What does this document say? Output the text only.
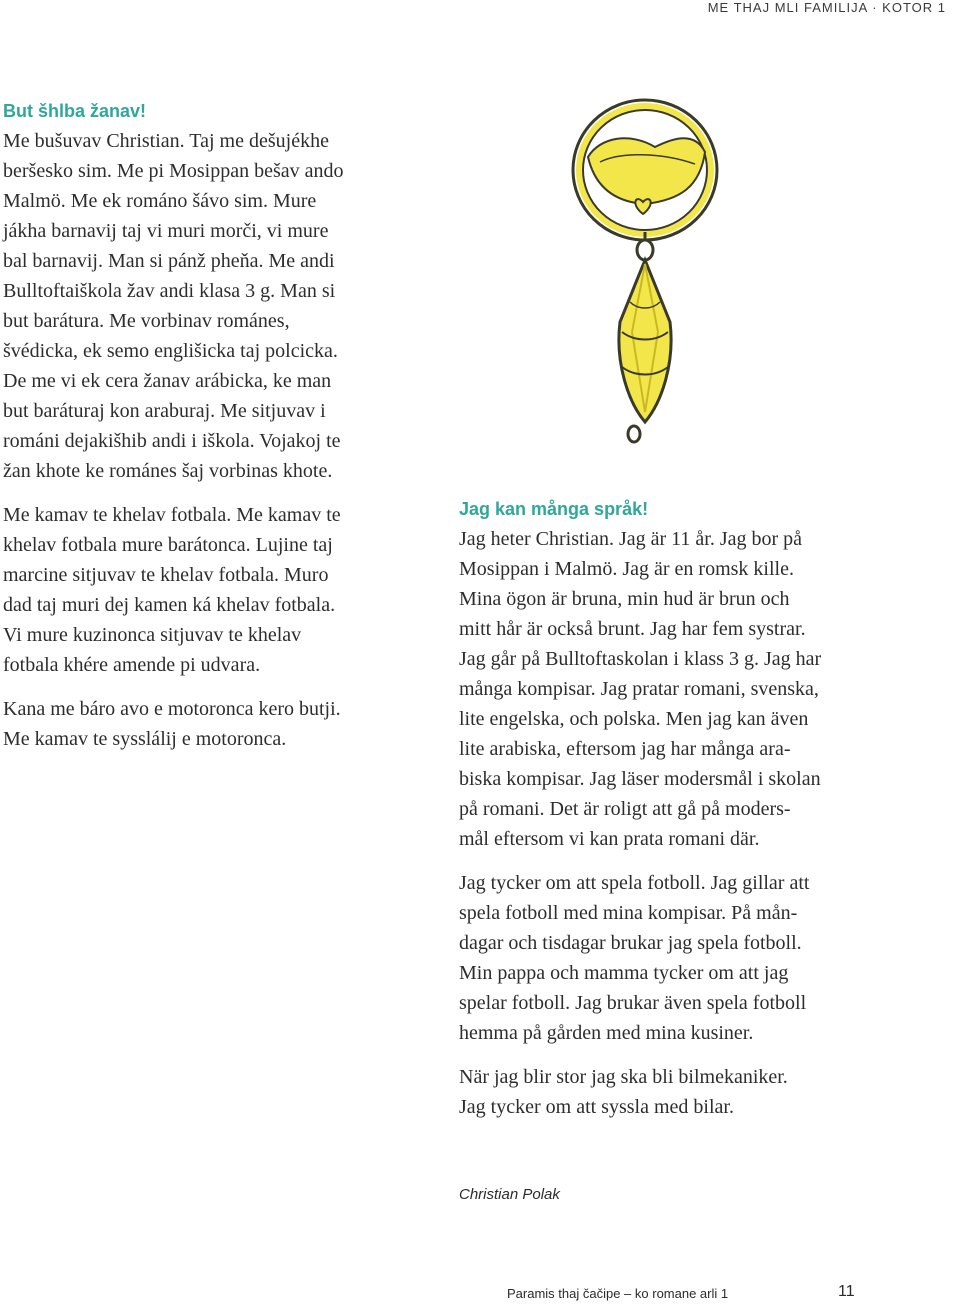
ME THAJ MLI FAMILIJA · KOTOR 1
But šhlba žanav!
Me bušuvav Christian. Taj me dešujékhe
beršesko sim. Me pi Mosippan bešav ando
Malmö. Me ek románo šávo sim. Mure
jákha barnavij taj vi muri morči, vi mure
bal barnavij. Man si pánž pheňa. Me andi
Bulltoftaiškola žav andi klasa 3 g. Man si
but barátura. Me vorbinav románes,
švédicka, ek semo englišicka taj polcicka.
De me vi ek cera žanav arábicka, ke man
but baráturaj kon araburaj. Me sitjuvav i
románi dejakišhib andi i iškola. Vojakoj te
žan khote ke románes šaj vorbinas khote.
Me kamav te khelav fotbala. Me kamav te
khelav fotbala mure barátonca. Lujine taj
marcine sitjuvav te khelav fotbala. Muro
dad taj muri dej kamen ká khelav fotbala.
Vi mure kuzinonca sitjuvav te khelav
fotbala khére amende pi udvara.
Kana me báro avo e motoronca kero butji.
Me kamav te sysslálij e motoronca.
Jag kan många språk!
Jag heter Christian. Jag är 11 år. Jag bor på
Mosippan i Malmö. Jag är en romsk kille.
Mina ögon är bruna, min hud är brun och
mitt hår är också brunt. Jag har fem systrar.
Jag går på Bulltoftaskolan i klass 3 g. Jag har
många kompisar. Jag pratar romani, svenska,
lite engelska, och polska. Men jag kan även
lite arabiska, eftersom jag har många ara-
biska kompisar. Jag läser modersmål i skolan
på romani. Det är roligt att gå på moders-
mål eftersom vi kan prata romani där.
Jag tycker om att spela fotboll. Jag gillar att
spela fotboll med mina kompisar. På mån-
dagar och tisdagar brukar jag spela fotboll.
Min pappa och mamma tycker om att jag
spelar fotboll. Jag brukar även spela fotboll
hemma på gården med mina kusiner.
När jag blir stor jag ska bli bilmekaniker.
Jag tycker om att syssla med bilar.
Christian Polak
Paramis thaj čačipe – ko romane arli 1	11
